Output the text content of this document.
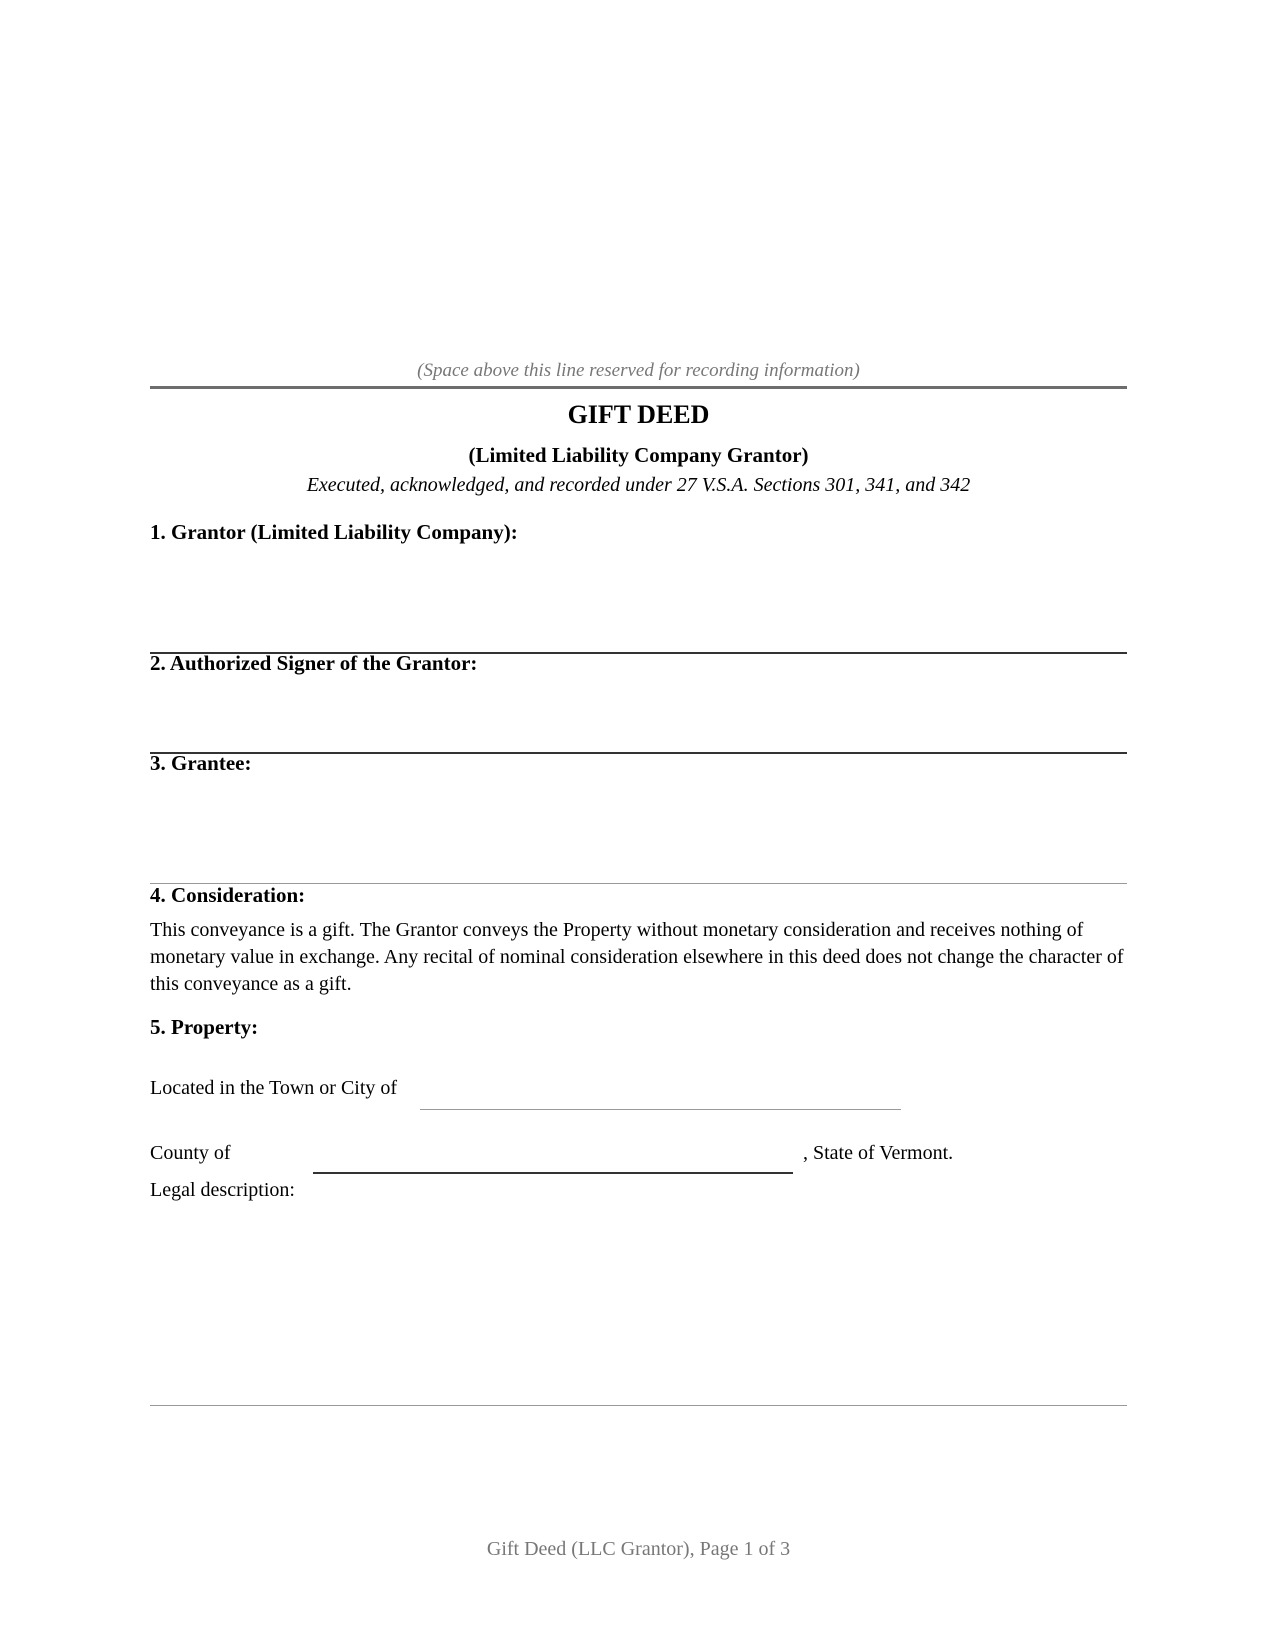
(Space above this line reserved for recording information)
GIFT DEED
(Limited Liability Company Grantor)
Executed, acknowledged, and recorded under 27 V.S.A. Sections 301, 341, and 342
1. Grantor (Limited Liability Company):
2. Authorized Signer of the Grantor:
3. Grantee:
4. Consideration:
This conveyance is a gift. The Grantor conveys the Property without monetary consideration and receives nothing of monetary value in exchange. Any recital of nominal consideration elsewhere in this deed does not change the character of this conveyance as a gift.
5. Property:
Located in the Town or City of
County of	, State of Vermont.
Legal description:
Gift Deed (LLC Grantor), Page 1 of 3
